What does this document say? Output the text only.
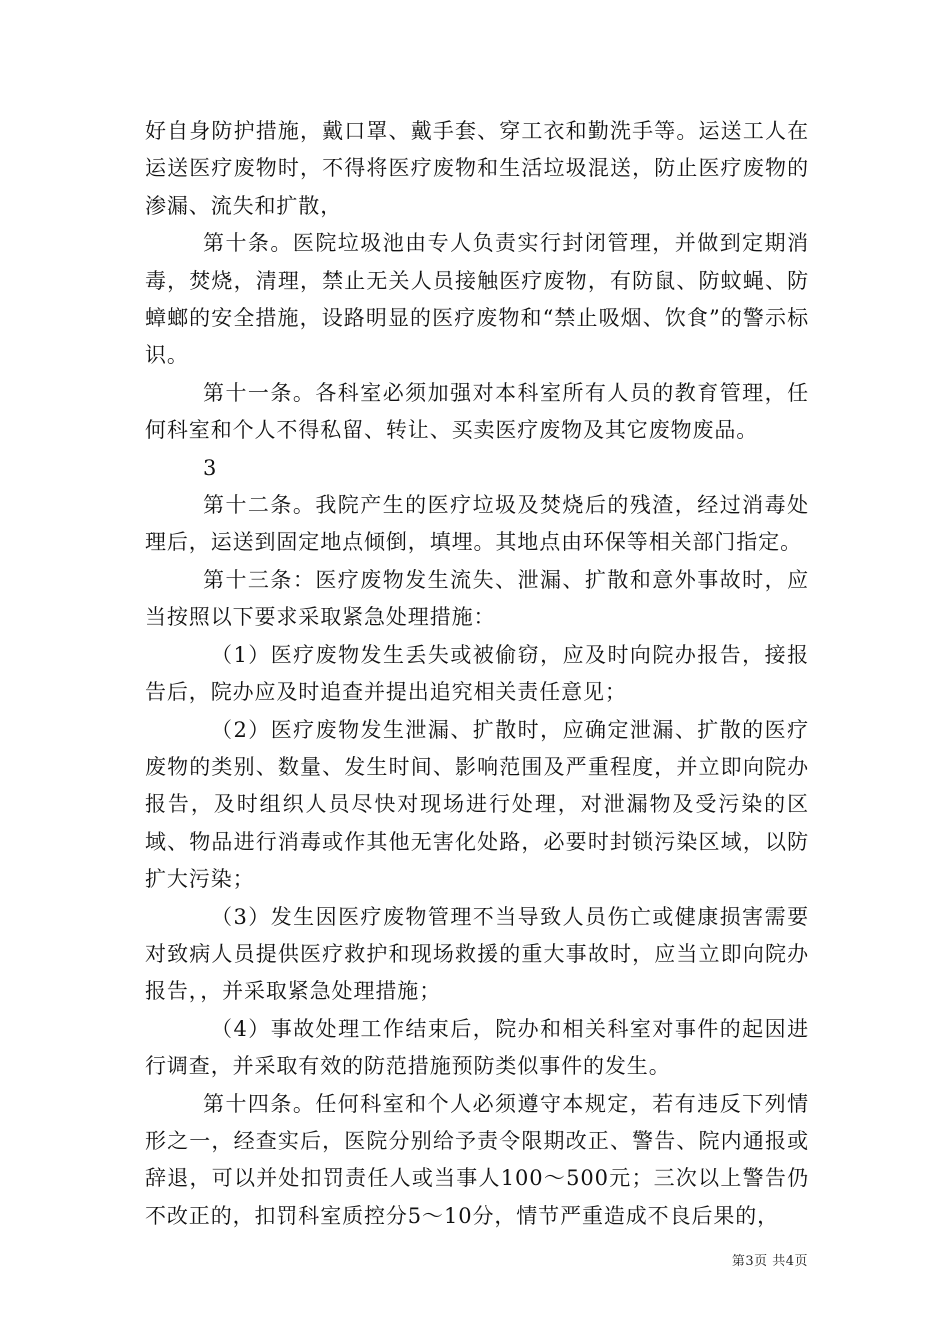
好自身防护措施，戴口罩、戴手套、穿工衣和勤洗手等。运送工人在运送医疗废物时，不得将医疗废物和生活垃圾混送，防止医疗废物的渗漏、流失和扩散，

第十条。医院垃圾池由专人负责实行封闭管理，并做到定期消毒，焚烧，清理，禁止无关人员接触医疗废物，有防鼠、防蚊蝇、防蟑螂的安全措施，设路明显的医疗废物和“禁止吸烟、饮食”的警示标识。

第十一条。各科室必须加强对本科室所有人员的教育管理，任何科室和个人不得私留、转让、买卖医疗废物及其它废物废品。

3

第十二条。我院产生的医疗垃圾及焚烧后的残渣，经过消毒处理后，运送到固定地点倾倒，填埋。其地点由环保等相关部门指定。

第十三条：医疗废物发生流失、泄漏、扩散和意外事故时，应当按照以下要求采取紧急处理措施：

（1）医疗废物发生丢失或被偷窃，应及时向院办报告，接报告后，院办应及时追查并提出追究相关责任意见；

（2）医疗废物发生泄漏、扩散时，应确定泄漏、扩散的医疗废物的类别、数量、发生时间、影响范围及严重程度，并立即向院办报告，及时组织人员尽快对现场进行处理，对泄漏物及受污染的区域、物品进行消毒或作其他无害化处路，必要时封锁污染区域，以防扩大污染；

（3）发生因医疗废物管理不当导致人员伤亡或健康损害需要对致病人员提供医疗救护和现场救援的重大事故时，应当立即向院办报告，，并采取紧急处理措施；

（4）事故处理工作结束后，院办和相关科室对事件的起因进行调查，并采取有效的防范措施预防类似事件的发生。

第十四条。任何科室和个人必须遵守本规定，若有违反下列情形之一，经查实后，医院分别给予责令限期改正、警告、院内通报或辞退，可以并处扣罚责任人或当事人100～500元；三次以上警告仍不改正的，扣罚科室质控分5～10分，情节严重造成不良后果的，

第3页 共4页
